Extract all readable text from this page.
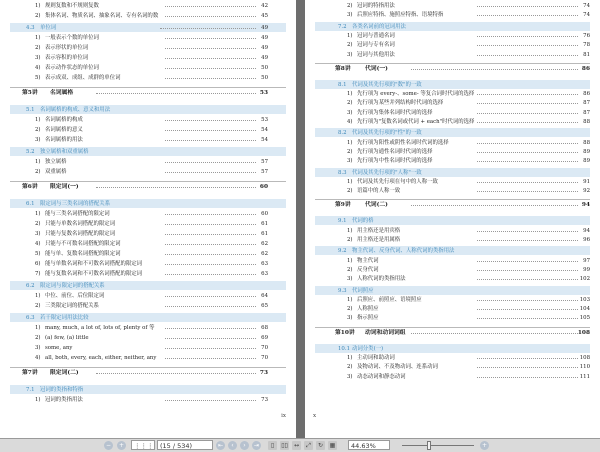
1) 规则复数和不规则复数	42
2) 集体名词、物质名词、抽象名词、专有名词的数	45
4.3 单位词	49
1) 一般表示个数的单位词	49
2) 表示形状的单位词	49
3) 表示容积的单位词	49
4) 表示动作状态的单位词	50
5) 表示成双、成组、成群的单位词	50
第5讲 名词属格	53
5.1 名词属格的构成、意义和用法
1) 名词属格的构成	53
2) 名词属格的意义	54
3) 名词属格的用法	54
5.2 独立属格和双重属格
1) 独立属格	57
2) 双重属格	57
第6讲 限定词(一)	60
6.1 限定词与三类名词的搭配关系
1) 能与三类名词搭配的限定词	60
2) 只能与单数名词搭配的限定词	61
3) 只能与复数名词搭配的限定词	61
4) 只能与不可数名词搭配的限定词	62
5) 能与单、复数名词搭配的限定词	62
6) 能与单数名词和不可数名词搭配的限定词	63
7) 能与复数名词和不可数名词搭配的限定词	63
6.2 限定词与限定词的搭配关系
1) 中位、前位、后位限定词	64
2) 三类限定词的搭配关系	65
6.3 若干限定词用法比较
1) many, much, a lot of, lots of, plenty of 等	68
2) (a) few, (a) little	69
3) some, any	70
4) all, both, every, each, either, neither, any	70
第7讲 限定词(二)	73
7.1 冠词的类指和特指
1) 冠词的类指用法	73
ix
2) 冠词的特指用法	74
3) 后照应特指、施照应特指、语境特指	74
7.2 各类名词前的冠词用法
1) 冠词与普通名词	76
2) 冠词与专有名词	78
3) 冠词与其他用法	81
第8讲 代词(一)	86
8.1 代词及其先行项的"数"的一致
1) 先行项为 every-、some- 等复合词时代词的选择	86
2) 先行项为某些并列结构时代词的选择	87
3) 先行项为集体名词时代词的选择	87
4) 先行项为"复数名词或代词 + each"时代词的选择	88
8.2 代词及其先行项的"性"的一致
1) 先行项为阳性或阴性名词时代词的选择	88
2) 先行项为通性名词时代词的选择	89
3) 先行项为中性名词时代词的选择	89
8.3 代词及其先行项的"人称"一致
1) 代词及其先行项在句中的人称一致	91
2) 语篇中的人称一致	92
第9讲 代词(二)	94
9.1 代词的格
1) 用主格还是用宾格	94
2) 用主格还是用属格	96
9.2 物主代词、反身代词、人称代词的类指用法
1) 物主代词	97
2) 反身代词	99
3) 人称代词的类指用法	102
9.3 代词照应
1) 后照应、前照应、语境照应	103
2) 人称照应	104
3) 指示照应	105
第10讲 动词和动词词组	108
10.1 动词分类(一)
1) 主动词和助动词	108
2) 及物动词、不及物动词、连系动词	110
3) 动态动词和静态动词	111
x
−	+	⋮⋮⋮	(15 / 534)	⇤	‹	›	⇥	▯	▯▯	↔	⤢	↻	▦	44.63%	+
